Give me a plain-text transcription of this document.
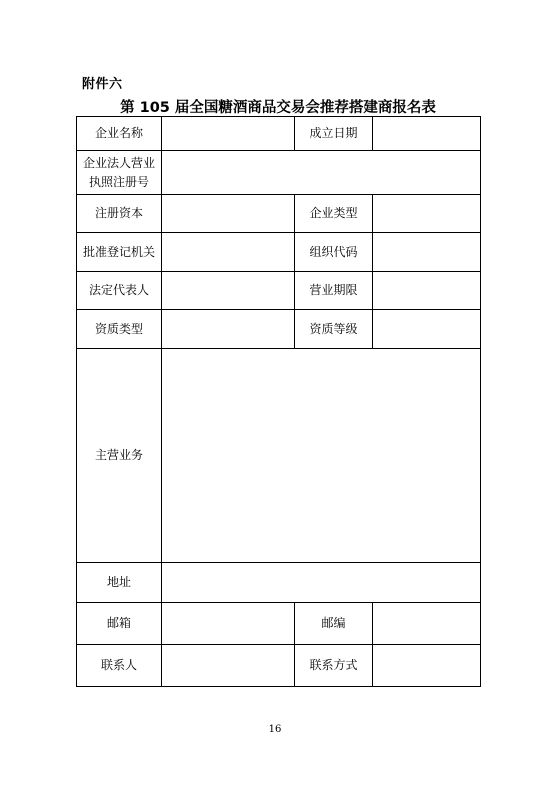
附件六
第 105 届全国糖酒商品交易会推荐搭建商报名表
企业名称		成立日期	

企业法人营业
执照注册号			

注册资本		企业类型	
批准登记机关		组织代码	
法定代表人		营业期限	
资质类型		资质等级	
主营业务			
地址			
邮箱		邮编	
联系人		联系方式	
16
